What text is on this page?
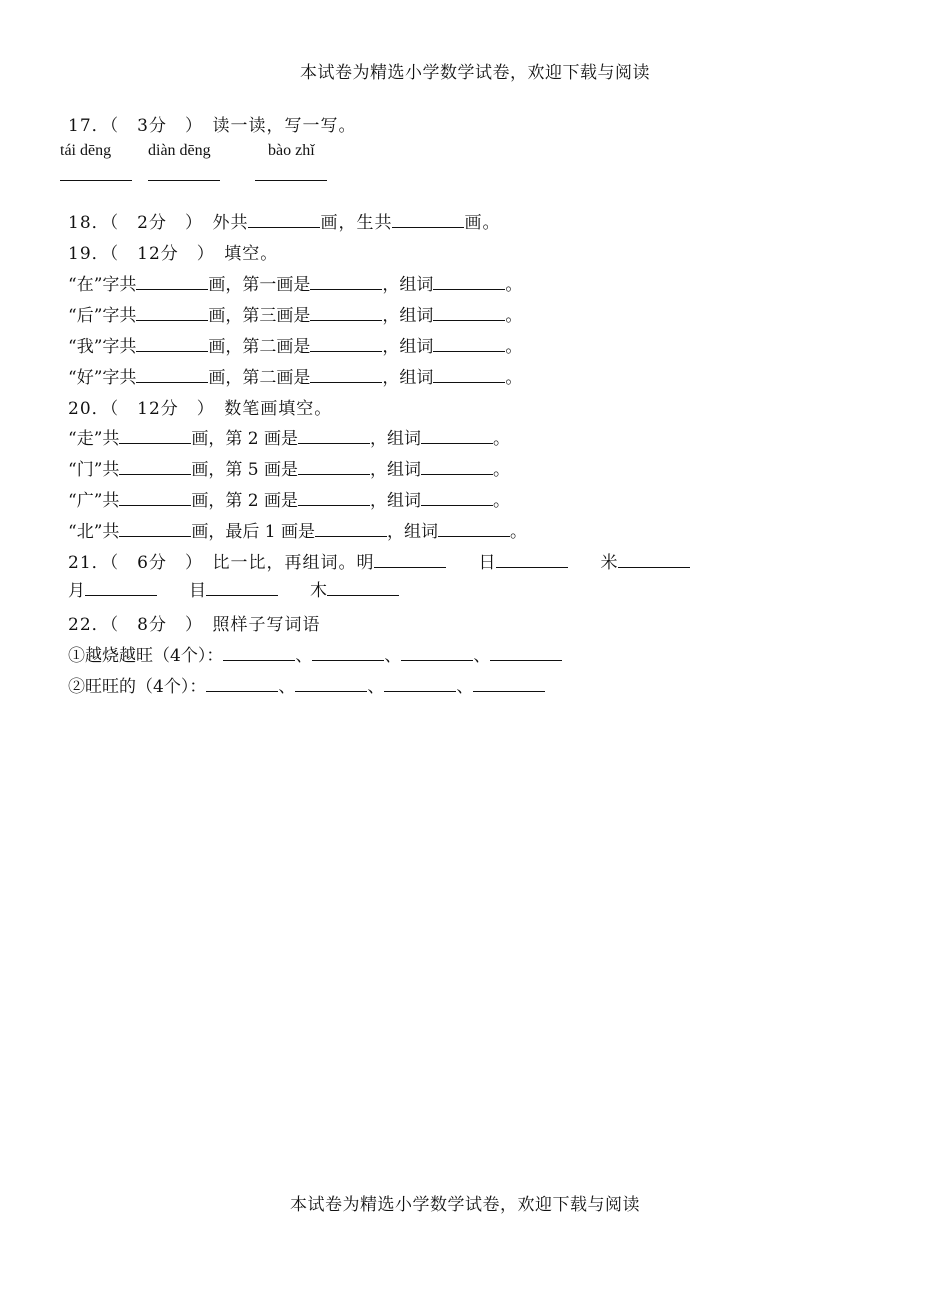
本试卷为精选小学数学试卷，欢迎下载与阅读
17．（　3分　）　读一读，写一写。
tái dēng diàn dēng	bào zhǐ
18．（　2分　）　外共	画，生共	画。
19．（　12分　）　填空。
“在”字共	画，第一画是	，组词	。
“后”字共	画，第三画是	，组词	。
“我”字共	画，第二画是	，组词	。
“好”字共	画，第二画是	，组词	。
20．（　12分　）　数笔画填空。
“走”共	画，第 2 画是	，组词	。
“门”共	画，第 5 画是	，组词	。
“广”共	画，第 2 画是	，组词	。
“北”共	画，最后 1 画是	，组词	。
21．（　6分　）　比一比，再组词。明	日	米
月	目	木
22．（　8分　）　照样子写词语
①越烧越旺（4个）：	、	、	、
②旺旺的（4个）：	、	、	、
本试卷为精选小学数学试卷，欢迎下载与阅读
